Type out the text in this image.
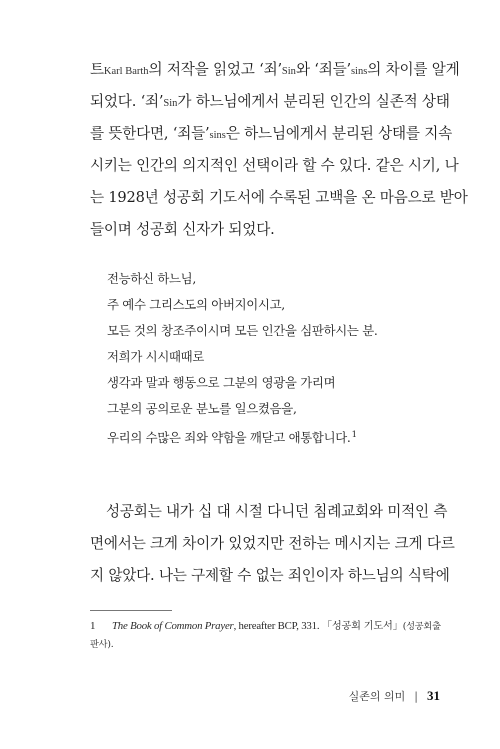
트Karl Barth의 저작을 읽었고 ‘죄’Sin와 ‘죄들’sins의 차이를 알게
되었다. ‘죄’Sin가 하느님에게서 분리된 인간의 실존적 상태
를 뜻한다면, ‘죄들’sins은 하느님에게서 분리된 상태를 지속
시키는 인간의 의지적인 선택이라 할 수 있다. 같은 시기, 나
는 1928년 성공회 기도서에 수록된 고백을 온 마음으로 받아
들이며 성공회 신자가 되었다.
전능하신 하느님,
주 예수 그리스도의 아버지이시고,
모든 것의 창조주이시며 모든 인간을 심판하시는 분.
저희가 시시때때로
생각과 말과 행동으로 그분의 영광을 가리며
그분의 공의로운 분노를 일으켰음을,
우리의 수많은 죄와 약함을 깨닫고 애통합니다.$^1$
성공회는 내가 십 대 시절 다니던 침례교회와 미적인 측
면에서는 크게 차이가 있었지만 전하는 메시지는 크게 다르
지 않았다. 나는 구제할 수 없는 죄인이자 하느님의 식탁에
1 The Book of Common Prayer, hereafter BCP, 331. 「성공회 기도서」(성공회출
판사).
실존의 의미 | 31
